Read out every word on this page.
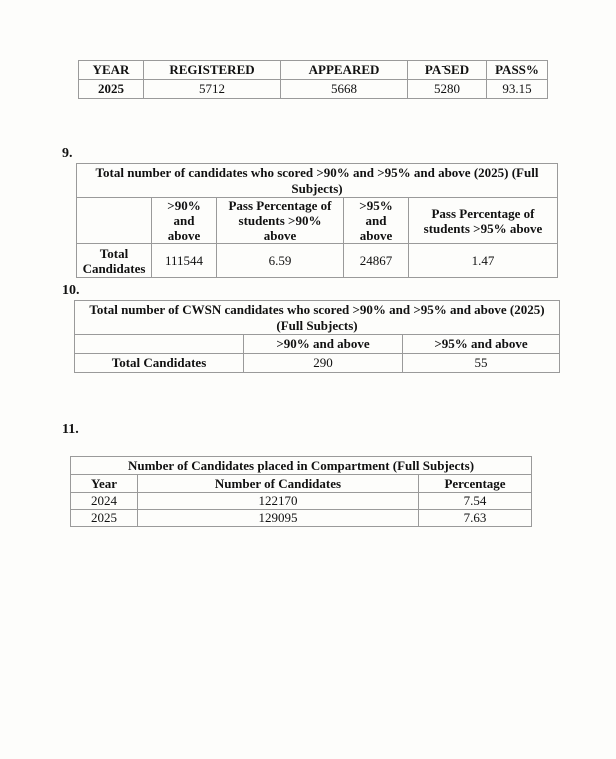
YEAR	REGISTERED	APPEARED	PA ̄SED	PASS%
2025	5712	5668	5280	93.15
9.
Total number of candidates who scored >90% and >95% and above (2025) (Full Subjects)				
	>90% and above	Pass Percentage of students >90% above	>95% and above	Pass Percentage of students >95% above
Total Candidates	111544	6.59	24867	1.47
10.
Total number of CWSN candidates who scored >90% and >95% and above (2025) (Full Subjects)		
	>90% and above	>95% and above
Total Candidates	290	55
11.
Number of Candidates placed in Compartment (Full Subjects)		
Year	Number of Candidates	Percentage
2024	122170	7.54
2025	129095	7.63
